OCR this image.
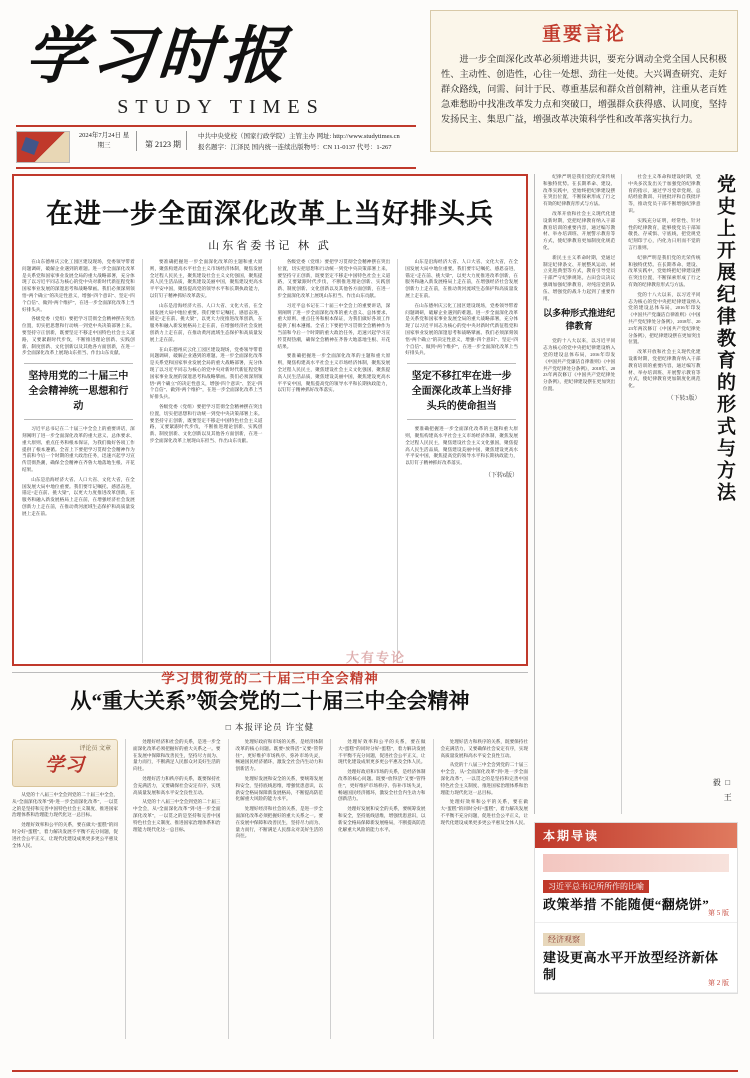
学习时报
STUDY TIMES
2024年7月24日 星期三	第 2123 期
中共中央党校（国家行政学院）主管主办 网址: http://www.studytimes.cn
报名题字：江泽民 国内统一连续出版物号：CN 11-0137 代号：1-267
重要言论

进一步全面深化改革必须增进共识，要充分调动全党全国人民积极性、主动性、创造性，心往一处想、劲往一处使。大兴调查研究、走好群众路线，问需、问计于民、尊重基层和群众首创精神，注重从老百姓急难愁盼中找准改革发力点和突破口，增强群众获得感、认同度，坚持发扬民主、集思广益，增强改革决策科学性和改革落实执行力。

在进一步全面深化改革上当好排头兵
山东省委书记 林 武

在山东德州庆云化工园区建设现场，党委领导带着问题调研，破解企业遇到的难题。进一步全面深化改革是关系党和国家事业发展全局的重大战略部署，充分体现了以习近平同志为核心的党中央对新时代新征程党和国家事业发展的深邃思考和战略擘画。我们必须深刻领悟“两个确立”的决定性意义，增强“四个意识”、坚定“四个自信”、做到“两个维护”，在进一步全面深化改革上当好排头兵。

各级党委（党组）要把学习贯彻全会精神摆在突出位置，切实把思想和行动统一到党中央决策部署上来。要坚持守正创新，既要坚定不移走中国特色社会主义道路，又要紧跟时代步伐，不断推进理论创新、实践创新、制度创新、文化创新以及其他各方面创新，在进一步全面深化改革上展现山东担当、作出山东贡献。

坚持用党的二十届三中全会精神统一思想和行动

习近平总书记在二十届三中全会上的重要讲话，深刻阐明了进一步全面深化改革的重大意义、总体要求、重大原则、重点任务和根本保证，为我们做好各项工作提供了根本遵循。全省上下要把学习贯彻全会精神作为当前和今后一个时期的重大政治任务，迅速兴起学习宣传贯彻热潮，确保全会精神在齐鲁大地落地生根、开花结果。

山东是沿海经济大省、人口大省、文化大省，在全国发展大局中地位重要。我们要牢记嘱托、感恩奋进，锚定“走在前、挑大梁”，以更大力度推进改革创新，在服务和融入新发展格局上走在前，在增强经济社会发展创新力上走在前，在推动黄河流域生态保护和高质量发展上走在前。

要准确把握进一步全面深化改革的主题和重大原则，聚焦构建高水平社会主义市场经济体制，聚焦发展全过程人民民主，聚焦建设社会主义文化强国，聚焦提高人民生活品质，聚焦建设美丽中国，聚焦建设更高水平平安中国，聚焦提高党的领导水平和长期执政能力，以钉钉子精神抓好改革落实。

山东是沿海经济大省、人口大省、文化大省，在全国发展大局中地位重要。我们要牢记嘱托、感恩奋进，锚定“走在前、挑大梁”，以更大力度推进改革创新，在服务和融入新发展格局上走在前，在增强经济社会发展创新力上走在前，在推动黄河流域生态保护和高质量发展上走在前。

在山东德州庆云化工园区建设现场，党委领导带着问题调研，破解企业遇到的难题。进一步全面深化改革是关系党和国家事业发展全局的重大战略部署，充分体现了以习近平同志为核心的党中央对新时代新征程党和国家事业发展的深邃思考和战略擘画。我们必须深刻领悟“两个确立”的决定性意义，增强“四个意识”、坚定“四个自信”、做到“两个维护”，在进一步全面深化改革上当好排头兵。

各级党委（党组）要把学习贯彻全会精神摆在突出位置，切实把思想和行动统一到党中央决策部署上来。要坚持守正创新，既要坚定不移走中国特色社会主义道路，又要紧跟时代步伐，不断推进理论创新、实践创新、制度创新、文化创新以及其他各方面创新，在进一步全面深化改革上展现山东担当、作出山东贡献。

各级党委（党组）要把学习贯彻全会精神摆在突出位置，切实把思想和行动统一到党中央决策部署上来。要坚持守正创新，既要坚定不移走中国特色社会主义道路，又要紧跟时代步伐，不断推进理论创新、实践创新、制度创新、文化创新以及其他各方面创新，在进一步全面深化改革上展现山东担当、作出山东贡献。

习近平总书记在二十届三中全会上的重要讲话，深刻阐明了进一步全面深化改革的重大意义、总体要求、重大原则、重点任务和根本保证，为我们做好各项工作提供了根本遵循。全省上下要把学习贯彻全会精神作为当前和今后一个时期的重大政治任务，迅速兴起学习宣传贯彻热潮，确保全会精神在齐鲁大地落地生根、开花结果。

要准确把握进一步全面深化改革的主题和重大原则，聚焦构建高水平社会主义市场经济体制，聚焦发展全过程人民民主，聚焦建设社会主义文化强国，聚焦提高人民生活品质，聚焦建设美丽中国，聚焦建设更高水平平安中国，聚焦提高党的领导水平和长期执政能力，以钉钉子精神抓好改革落实。

山东是沿海经济大省、人口大省、文化大省，在全国发展大局中地位重要。我们要牢记嘱托、感恩奋进，锚定“走在前、挑大梁”，以更大力度推进改革创新，在服务和融入新发展格局上走在前，在增强经济社会发展创新力上走在前，在推动黄河流域生态保护和高质量发展上走在前。

在山东德州庆云化工园区建设现场，党委领导带着问题调研，破解企业遇到的难题。进一步全面深化改革是关系党和国家事业发展全局的重大战略部署，充分体现了以习近平同志为核心的党中央对新时代新征程党和国家事业发展的深邃思考和战略擘画。我们必须深刻领悟“两个确立”的决定性意义，增强“四个意识”、坚定“四个自信”、做到“两个维护”，在进一步全面深化改革上当好排头兵。

坚定不移扛牢在进一步全面深化改革上当好排头兵的使命担当

要准确把握进一步全面深化改革的主题和重大原则，聚焦构建高水平社会主义市场经济体制，聚焦发展全过程人民民主，聚焦建设社会主义文化强国，聚焦提高人民生活品质，聚焦建设美丽中国，聚焦建设更高水平平安中国，聚焦提高党的领导水平和长期执政能力，以钉钉子精神抓好改革落实。

（下转6版）
学习贯彻党的二十届三中全会精神
大有专论
从“重大关系”领会党的二十届三中全会精神
□ 本报评论员 许宝健
学习
评论员 文章

从党的十八届三中全会到党的二十届三中全会，从“全面深化改革”到“进一步全面深化改革”，一以贯之的是坚持和完善中国特色社会主义制度、推进国家治理体系和治理能力现代化这一总目标。

处理好效率和公平的关系，要在做大“蛋糕”的同时分好“蛋糕”，着力解决发展不平衡不充分问题，促进社会公平正义，让现代化建设成果更多更公平惠及全体人民。

处理好经济和社会的关系，是进一步全面深化改革必须把握好的重大关系之一。要在发展中保障和改善民生，坚持尽力而为、量力而行，不断满足人民群众对美好生活的向往。

处理好活力和秩序的关系，既要保持社会充满活力，又要确保社会安定有序，实现高质量发展和高水平安全良性互动。

从党的十八届三中全会到党的二十届三中全会，从“全面深化改革”到“进一步全面深化改革”，一以贯之的是坚持和完善中国特色社会主义制度、推进国家治理体系和治理能力现代化这一总目标。

处理好政府和市场的关系，是经济体制改革的核心问题。既要“放得活”又要“管得住”，更好维护市场秩序、弥补市场失灵，畅通国民经济循环，激发全社会内生动力和创新活力。

处理好发展和安全的关系，要统筹发展和安全，坚持底线思维，增强忧患意识，以新安全格局保障新发展格局，不断提高防范化解重大风险的能力水平。

处理好经济和社会的关系，是进一步全面深化改革必须把握好的重大关系之一。要在发展中保障和改善民生，坚持尽力而为、量力而行，不断满足人民群众对美好生活的向往。

处理好效率和公平的关系，要在做大“蛋糕”的同时分好“蛋糕”，着力解决发展不平衡不充分问题，促进社会公平正义，让现代化建设成果更多更公平惠及全体人民。

处理好政府和市场的关系，是经济体制改革的核心问题。既要“放得活”又要“管得住”，更好维护市场秩序、弥补市场失灵，畅通国民经济循环，激发全社会内生动力和创新活力。

处理好发展和安全的关系，要统筹发展和安全，坚持底线思维，增强忧患意识，以新安全格局保障新发展格局，不断提高防范化解重大风险的能力水平。

处理好活力和秩序的关系，既要保持社会充满活力，又要确保社会安定有序，实现高质量发展和高水平安全良性互动。

从党的十八届三中全会到党的二十届三中全会，从“全面深化改革”到“进一步全面深化改革”，一以贯之的是坚持和完善中国特色社会主义制度、推进国家治理体系和治理能力现代化这一总目标。

处理好效率和公平的关系，要在做大“蛋糕”的同时分好“蛋糕”，着力解决发展不平衡不充分问题，促进社会公平正义，让现代化建设成果更多更公平惠及全体人民。

党史上开展纪律教育的形式与方法
□ 王 毅

纪律严明是我们党的光荣传统和独特优势。在长期革命、建设、改革实践中，党始终把纪律建设摆在突出位置，不断探索形成了行之有效的纪律教育形式与方法。

改革开放和社会主义现代化建设新时期，党把纪律教育纳入干部教育培训的重要内容，通过编写教材、举办培训班、开展警示教育等方式，使纪律教育更加制度化规范化。

新民主主义革命时期，党通过制定纪律条文、开展整风运动、树立先进典型等方式，教育引导党员干部严守纪律规矩。古田会议决议强调加强纪律教育，对纯洁党的队伍、增强党的战斗力起到了重要作用。

以多种形式推进纪律教育

党的十八大以来，以习近平同志为核心的党中央把纪律建设纳入党的建设总体布局，2016年印发《中国共产党廉洁自律准则》《中国共产党纪律处分条例》，2018年、2023年两次修订《中国共产党纪律处分条例》，把纪律建设摆在更加突出位置。

社会主义革命和建设时期，党中央多次发出关于加强党的纪律教育的指示，通过学习党章党规、总结经验教训、开展批评和自我批评等，推动党员干部不断增强纪律意识。

实践充分证明，经常性、针对性的纪律教育，能够使党员干部知敬畏、存戒惧、守底线，把党规党纪刻印于心，内化为日用而不觉的言行准则。

纪律严明是我们党的光荣传统和独特优势。在长期革命、建设、改革实践中，党始终把纪律建设摆在突出位置，不断探索形成了行之有效的纪律教育形式与方法。

党的十八大以来，以习近平同志为核心的党中央把纪律建设纳入党的建设总体布局，2016年印发《中国共产党廉洁自律准则》《中国共产党纪律处分条例》，2018年、2023年两次修订《中国共产党纪律处分条例》，把纪律建设摆在更加突出位置。

改革开放和社会主义现代化建设新时期，党把纪律教育纳入干部教育培训的重要内容，通过编写教材、举办培训班、开展警示教育等方式，使纪律教育更加制度化规范化。

（下转3版）
本期导读
习近平总书记所所作的比喻
政策举措 不能随便“翻烧饼”
第 5 版
经济观察
建设更高水平开放型经济新体制
第 2 版
